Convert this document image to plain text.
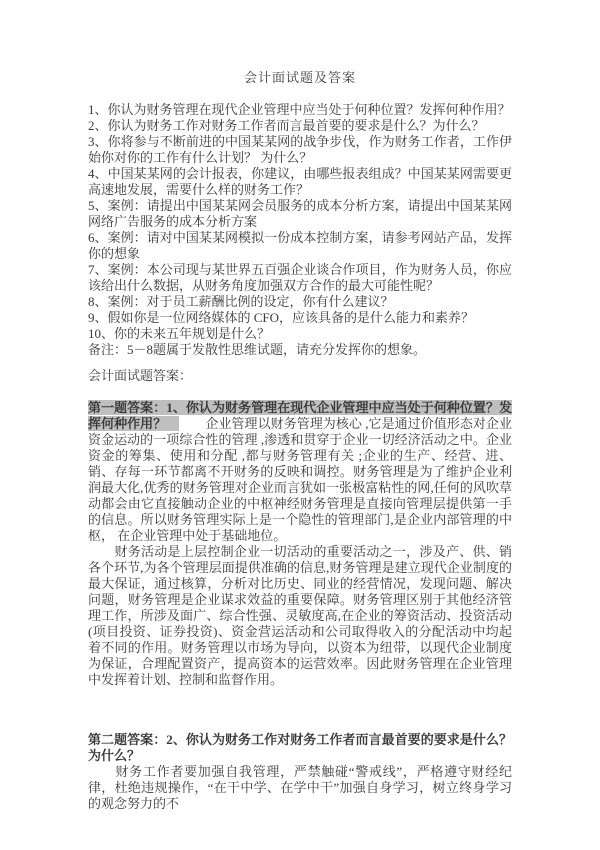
会计面试题及答案

1、你认为财务管理在现代企业管理中应当处于何种位置？发挥何种作用？

2、你认为财务工作对财务工作者而言最首要的要求是什么？为什么？

3、你将参与不断前进的中国某某网的战争步伐，作为财务工作者，工作伊始你对你的工作有什么计划？ 为什么？

4、中国某某网的会计报表，你建议，由哪些报表组成？中国某某网需要更高速地发展，需要什么样的财务工作？

5、案例：请提出中国某某网会员服务的成本分析方案，请提出中国某某网网络广告服务的成本分析方案

6、案例：请对中国某某网模拟一份成本控制方案，请参考网站产品，发挥你的想象

7、案例：本公司现与某世界五百强企业谈合作项目，作为财务人员，你应该给出什么数据，从财务角度加强双方合作的最大可能性呢？

8、案例：对于员工薪酬比例的设定，你有什么建议？

9、假如你是一位网络媒体的 CFO，应该具备的是什么能力和素养？

10、你的未来五年规划是什么？

备注：5－8题属于发散性思维试题，请充分发挥你的想象。

会计面试题答案：

第一题答案：1、你认为财务管理在现代企业管理中应当处于何种位置？发挥何种作用？　　　企业管理以财务管理为核心 ,它是通过价值形态对企业资金运动的一项综合性的管理 ,渗透和贯穿于企业一切经济活动之中。企业资金的筹集、使用和分配 ,都与财务管理有关 ;企业的生产、经营、进、销、存每一环节都离不开财务的反映和调控。财务管理是为了维护企业利润最大化,优秀的财务管理对企业而言犹如一张极富粘性的网,任何的风吹草动都会由它直接触动企业的中枢神经财务管理是直接向管理层提供第一手的信息。所以财务管理实际上是一个隐性的管理部门,是企业内部管理的中枢， 在企业管理中处于基础地位。

　　财务活动是上层控制企业一切活动的重要活动之一，涉及产、供、销各个环节,为各个管理层面提供准确的信息,财务管理是建立现代企业制度的最大保证，通过核算，分析对比历史、同业的经营情况，发现问题、解决问题，财务管理是企业谋求效益的重要保障。财务管理区别于其他经济管理工作，所涉及面广、综合性强、灵敏度高,在企业的筹资活动、投资活动(项目投资、证券投资)、资金营运活动和公司取得收入的分配活动中均起着不同的作用。财务管理以市场为导向，以资本为纽带，以现代企业制度为保证，合理配置资产，提高资本的运营效率。因此财务管理在企业管理中发挥着计划、控制和监督作用。

第二题答案：2、你认为财务工作对财务工作者而言最首要的要求是什么？为什么？

　　财务工作者要加强自我管理，严禁触碰“警戒线”，严格遵守财经纪律，杜绝违规操作，“在干中学、在学中干”加强自身学习，树立终身学习的观念努力的不
